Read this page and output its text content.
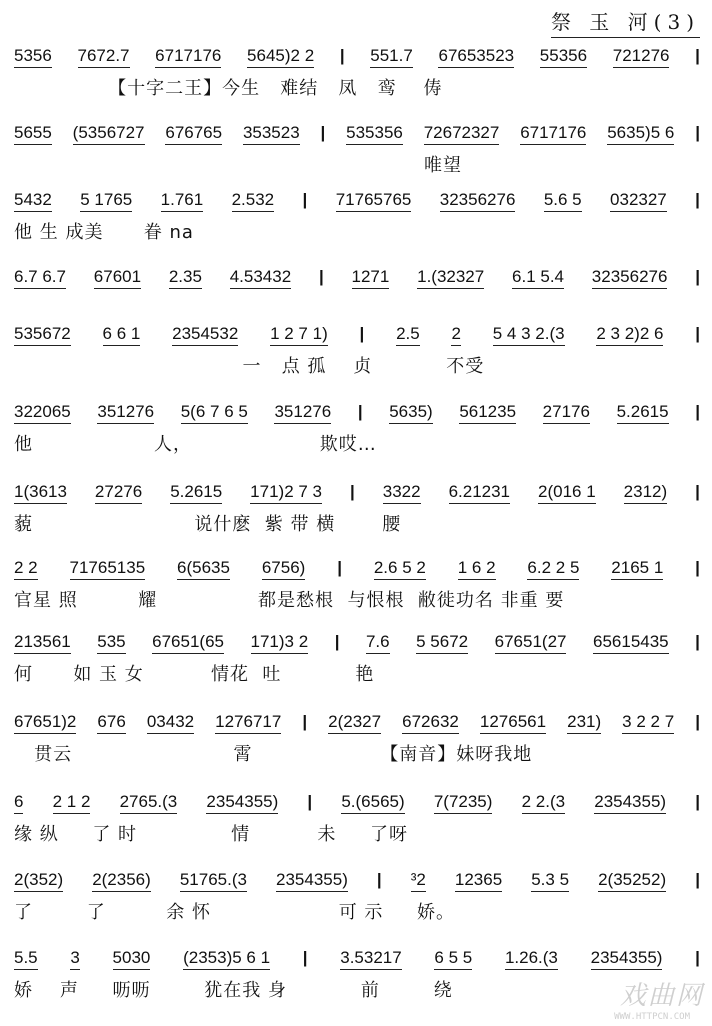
祭 玉 河(3)
5356 7672.7 6717176 5645)2 2 | 551.7 67653523 55356 721276 |
【十字二王】今生   难结   凤   鸾    俦
5655 (5356727 676765 353523 | 535356 72672327 6717176 5635)5 6 |
唯望
5432 5 1765 1.761 2.532 | 71765765 32356276 5.6 5 032327 |
他 生 成美      眷 na
6.7 6.7 67601 2.35 4.53432 | 1271 1.(32327 6.1 5.4 32356276 |
535672 6 6 1 2354532 1 2 7 1) | 2.5 2 5 4 3 2.(3 2 3 2)2 6 |
一   点 孤    贞           不受
322065 351276 5(6 7 6 5 351276 | 5635) 561235 27176 5.2615 |
他                  人，                   欺哎…
1(3613 27276 5.2615 171)2 7 3 | 3322 6.21231 2(016 1 2312) |
藐                        说什麽  紫 带 横       腰
2 2 71765135 6(5635 6756) | 2.6 5 2 1 6 2 6.2 2 5 2165 1 |
官星 照         耀               都是愁根  与恨根  敝徙功名 非重 要
213561 535 67651(65 171)3 2 | 7.6 5 5672 67651(27 65615435 |
何      如 玉 女          情花  吐           艳
67651)2 676 03432 1276717 | 2(2327 672632 1276561 231) 3 2 2 7 |
贯云                        霄                   【南音】妹呀我地
6 2 1 2 2765.(3 2354355) | 5.(6565) 7(7235) 2 2.(3 2354355) |
缘 纵     了 时              情          未     了呀
2(352) 2(2356) 51765.(3 2354355) | ³2 12365 5.3 5 2(35252) |
了        了         余 怀                   可 示     娇。
5.5 3 5030 (2353)5 6 1 | 3.53217 6 5 5 1.26.(3 2354355) |
娇    声     呖呖        犹在我 身           前        绕	戏曲网
WWW.HTTPCN.COM
